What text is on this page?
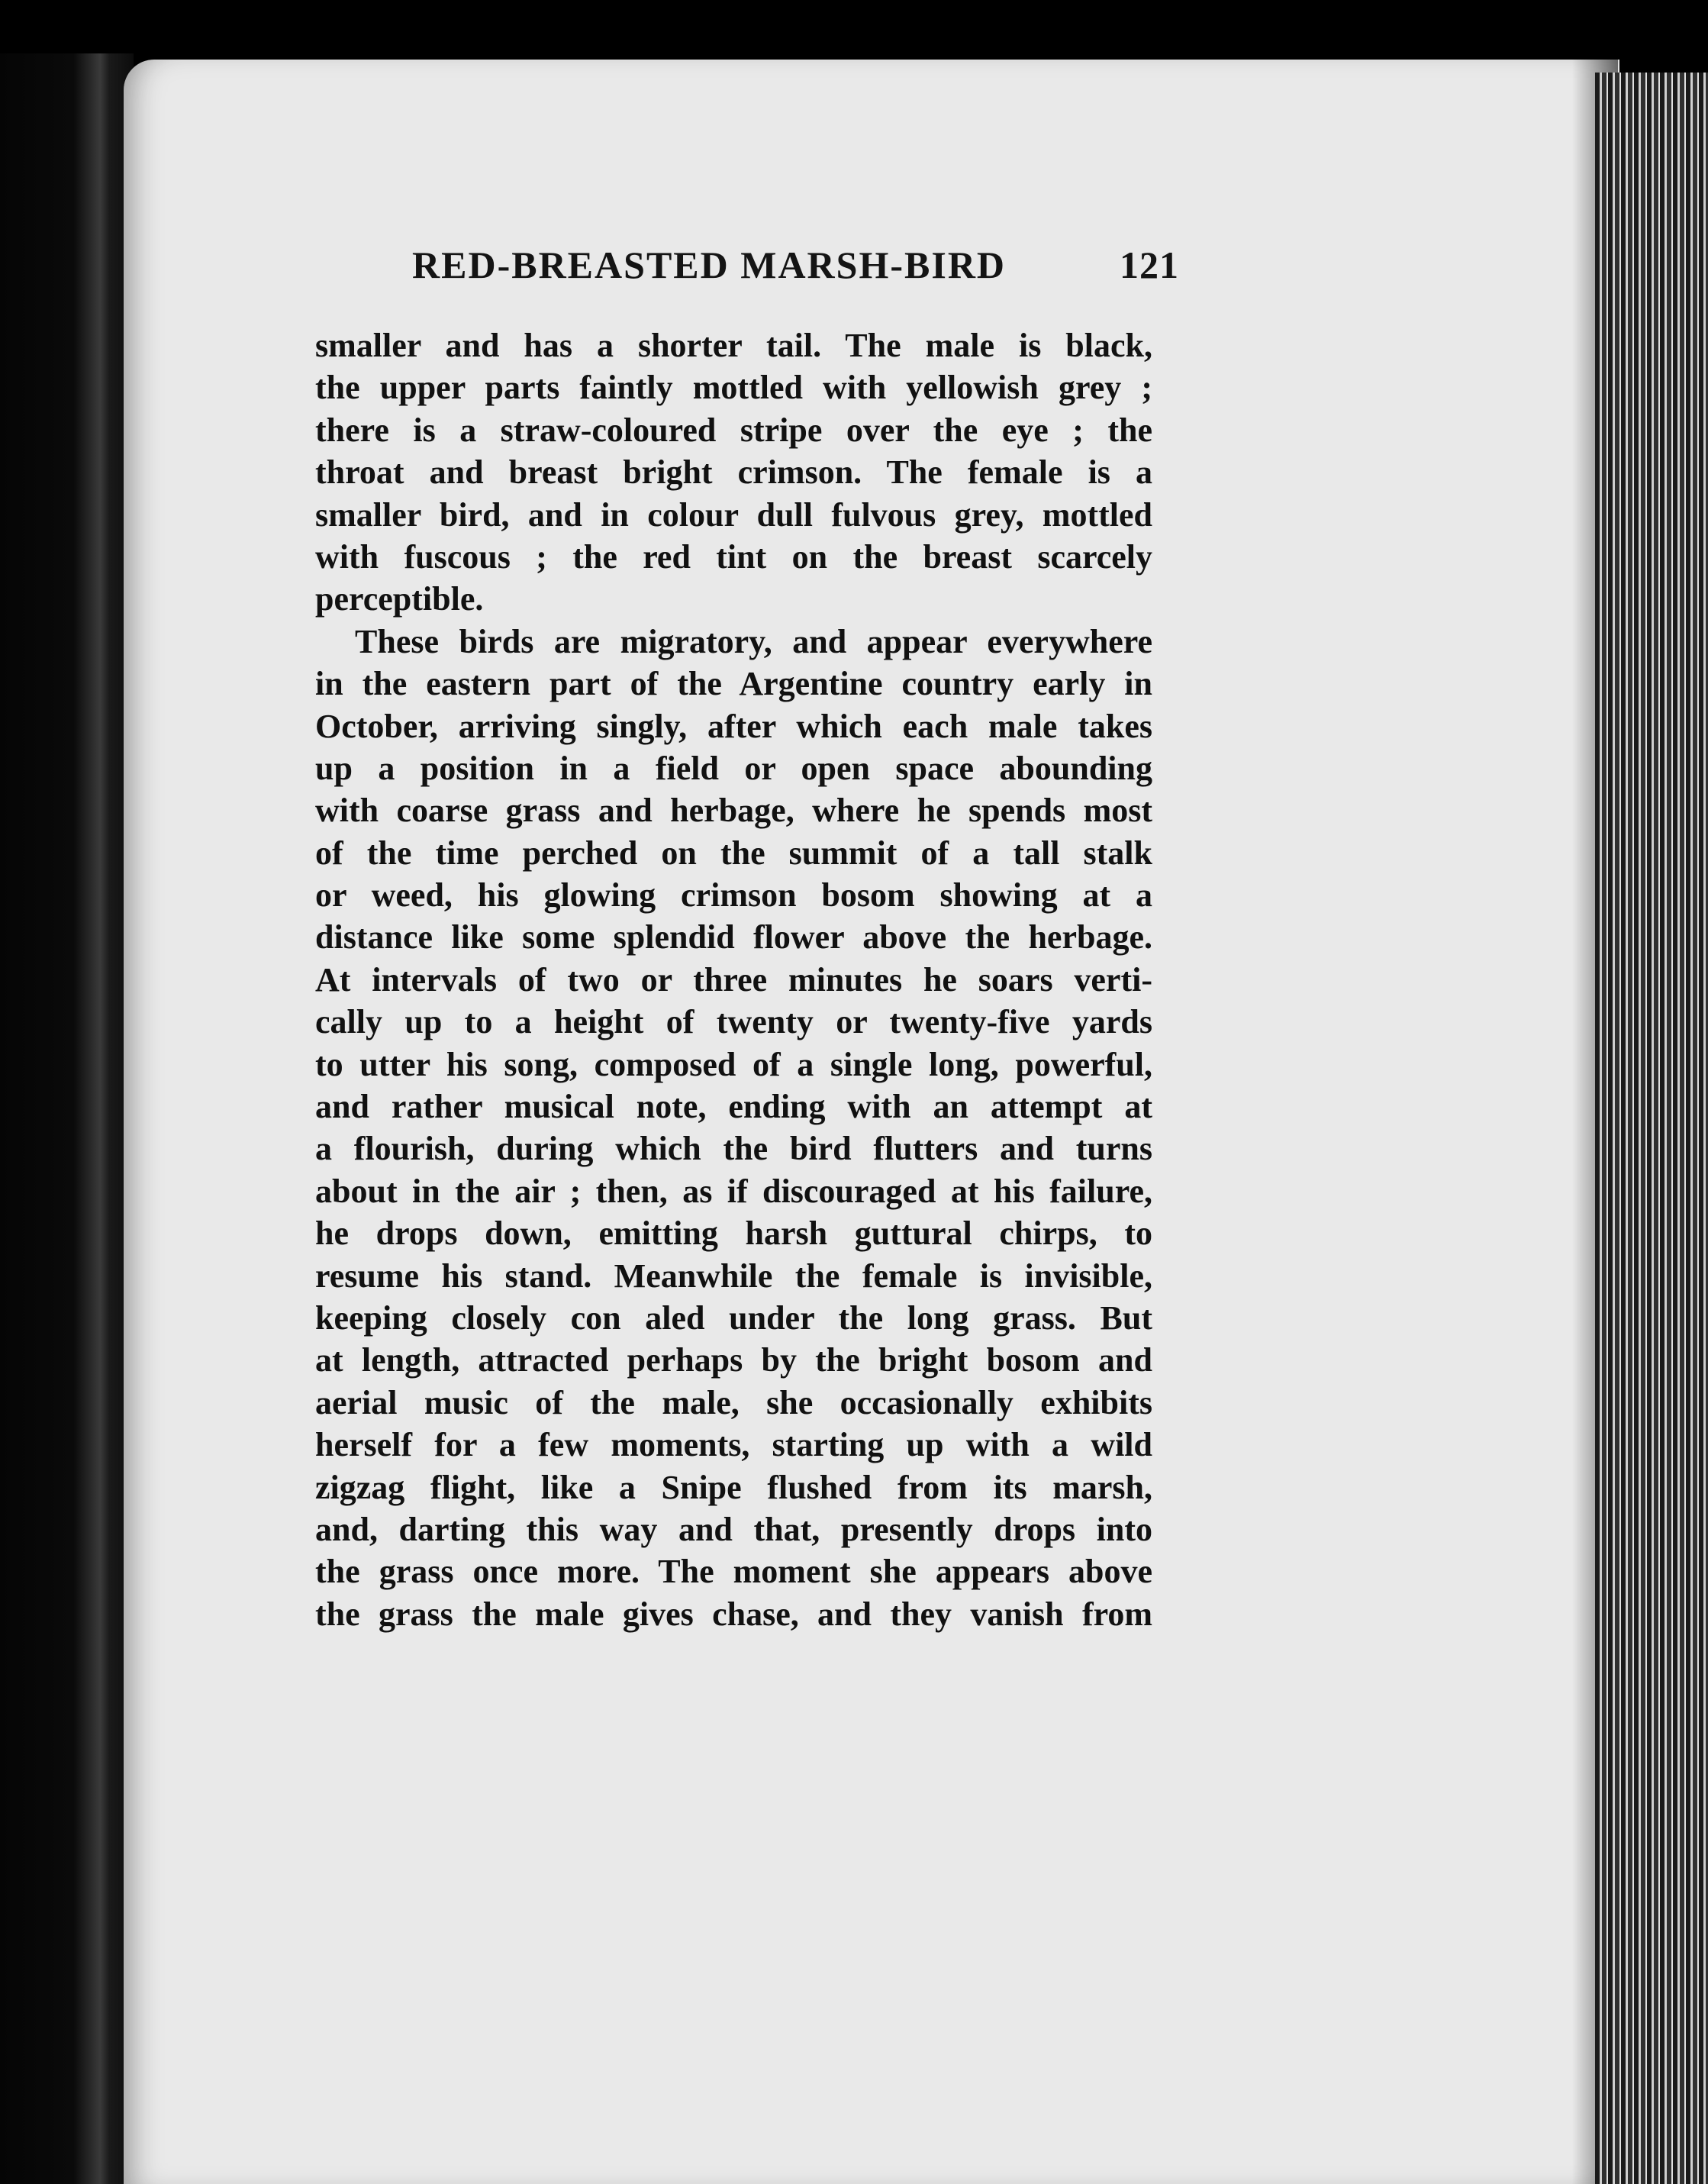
RED-BREASTED MARSH-BIRD	121
smaller and has a shorter tail. The male is black,
the upper parts faintly mottled with yellowish grey ;
there is a straw-coloured stripe over the eye ; the
throat and breast bright crimson. The female is a
smaller bird, and in colour dull fulvous grey, mottled
with fuscous ; the red tint on the breast scarcely
perceptible.
These birds are migratory, and appear everywhere
in the eastern part of the Argentine country early in
October, arriving singly, after which each male takes
up a position in a field or open space abounding
with coarse grass and herbage, where he spends most
of the time perched on the summit of a tall stalk
or weed, his glowing crimson bosom showing at a
distance like some splendid flower above the herbage.
At intervals of two or three minutes he soars verti-
cally up to a height of twenty or twenty-five yards
to utter his song, composed of a single long, powerful,
and rather musical note, ending with an attempt at
a flourish, during which the bird flutters and turns
about in the air ; then, as if discouraged at his failure,
he drops down, emitting harsh guttural chirps, to
resume his stand. Meanwhile the female is invisible,
keeping closely con aled under the long grass. But
at length, attracted perhaps by the bright bosom and
aerial music of the male, she occasionally exhibits
herself for a few moments, starting up with a wild
zigzag flight, like a Snipe flushed from its marsh,
and, darting this way and that, presently drops into
the grass once more. The moment she appears above
the grass the male gives chase, and they vanish from
